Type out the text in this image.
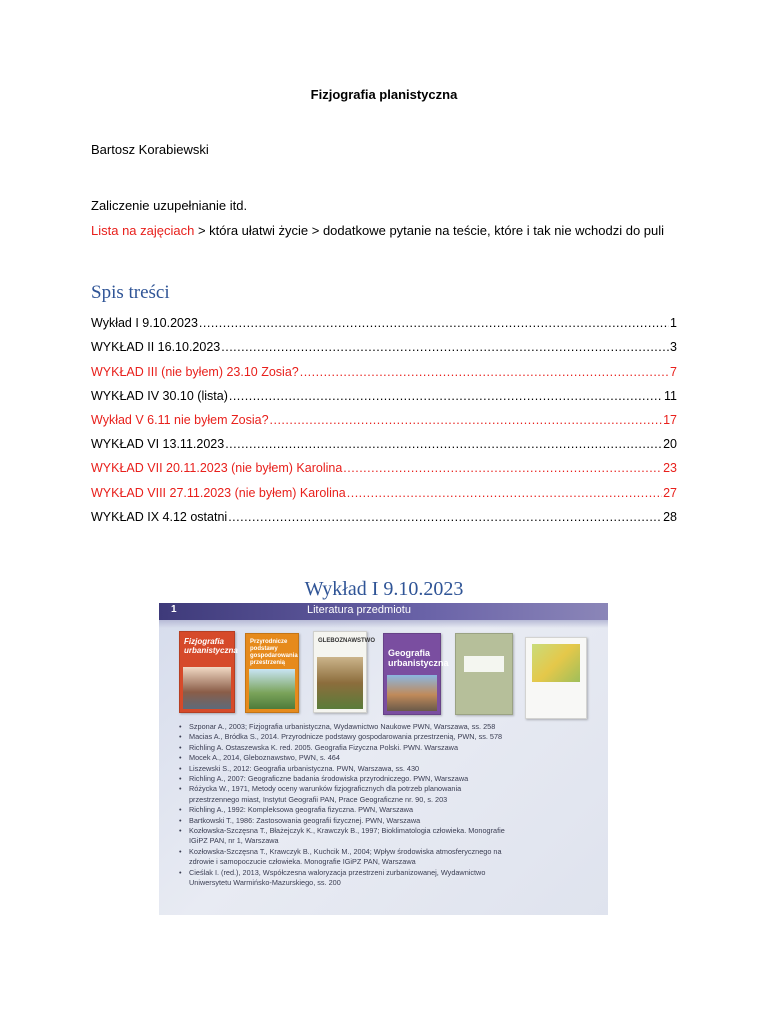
Fizjografia planistyczna
Bartosz Korabiewski
Zaliczenie uzupełnianie itd.
Lista na zajęciach > która ułatwi życie > dodatkowe pytanie na teście, które i tak nie wchodzi do puli
Spis treści
Wykład I 9.10.2023 .....	1
WYKŁAD II 16.10.2023 .....	3
WYKŁAD III (nie byłem) 23.10 Zosia? .....	7
WYKŁAD IV 30.10 (lista) .....	11
Wykład V 6.11 nie byłem Zosia? .....	17
WYKŁAD VI 13.11.2023 .....	20
WYKŁAD VII 20.11.2023 (nie byłem) Karolina .....	23
WYKŁAD VIII 27.11.2023 (nie byłem) Karolina .....	27
WYKŁAD IX 4.12 ostatni .....	28
Wykład I 9.10.2023
1	Literatura przedmiotu
Fizjografia urbanistyczna
Przyrodnicze podstawy gospodarowania przestrzenią
GLEBOZNAWSTWO
Geografia urbanistyczna
• Szponar A., 2003; Fizjografia urbanistyczna, Wydawnictwo Naukowe PWN, Warszawa, ss. 258
• Macias A., Bródka S., 2014. Przyrodnicze podstawy gospodarowania przestrzenią, PWN, ss. 578
• Richling A. Ostaszewska K. red. 2005. Geografia Fizyczna Polski. PWN. Warszawa
• Mocek A., 2014, Gleboznawstwo, PWN, s. 464
• Liszewski S., 2012: Geografia urbanistyczna. PWN, Warszawa, ss. 430
• Richling A., 2007: Geograficzne badania środowiska przyrodniczego. PWN, Warszawa
• Różycka W., 1971, Metody oceny warunków fizjograficznych dla potrzeb planowania
przestrzennego miast, Instytut Geografii PAN, Prace Geograficzne nr. 90, s. 203
• Richling A., 1992: Kompleksowa geografia fizyczna. PWN, Warszawa
• Bartkowski T., 1986: Zastosowania geografii fizycznej. PWN, Warszawa
• Kozłowska-Szczęsna T., Błażejczyk K., Krawczyk B., 1997; Bioklimatologia człowieka. Monografie
IGiPZ PAN, nr 1, Warszawa
• Kozłowska-Szczęsna T., Krawczyk B., Kuchcik M., 2004; Wpływ środowiska atmosferycznego na
zdrowie i samopoczucie człowieka. Monografie IGiPZ PAN, Warszawa
• Cieślak I. (red.), 2013, Współczesna waloryzacja przestrzeni zurbanizowanej, Wydawnictwo
Uniwersytetu Warmińsko-Mazurskiego, ss. 200
